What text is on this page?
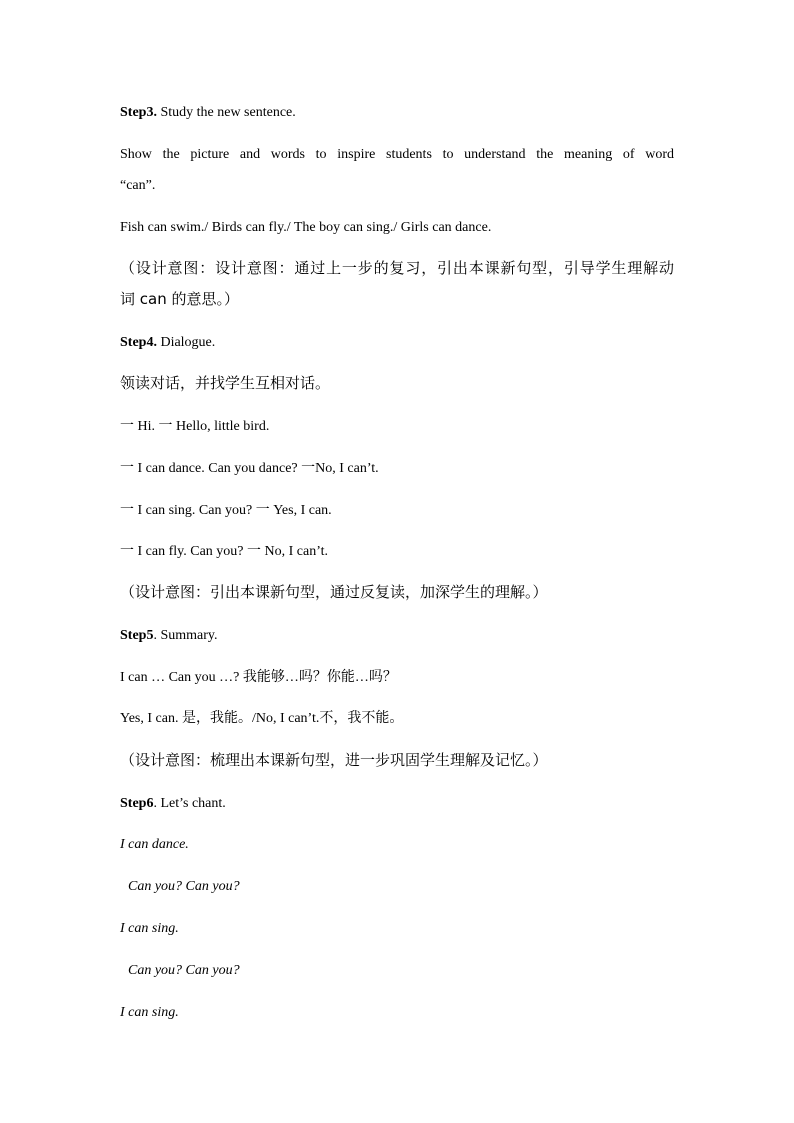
Step3. Study the new sentence.
Show the picture and words to inspire students to understand the meaning of word
“can”.
Fish can swim./ Birds can fly./ The boy can sing./ Girls can dance.
（设计意图：设计意图：通过上一步的复习，引出本课新句型，引导学生理解动
词 can 的意思。）
Step4. Dialogue.
领读对话，并找学生互相对话。
一 Hi. 一 Hello, little bird.
一 I can dance. Can you dance? 一No, I can’t.
一 I can sing. Can you? 一 Yes, I can.
一 I can fly. Can you? 一 No, I can’t.
（设计意图：引出本课新句型，通过反复读，加深学生的理解。）
Step5. Summary.
I can … Can you …? 我能够…吗？你能…吗？
Yes, I can. 是，我能。/No, I can’t.不，我不能。
（设计意图：梳理出本课新句型，进一步巩固学生理解及记忆。）
Step6. Let’s chant.
I can dance.
Can you? Can you?
I can sing.
Can you? Can you?
I can sing.
